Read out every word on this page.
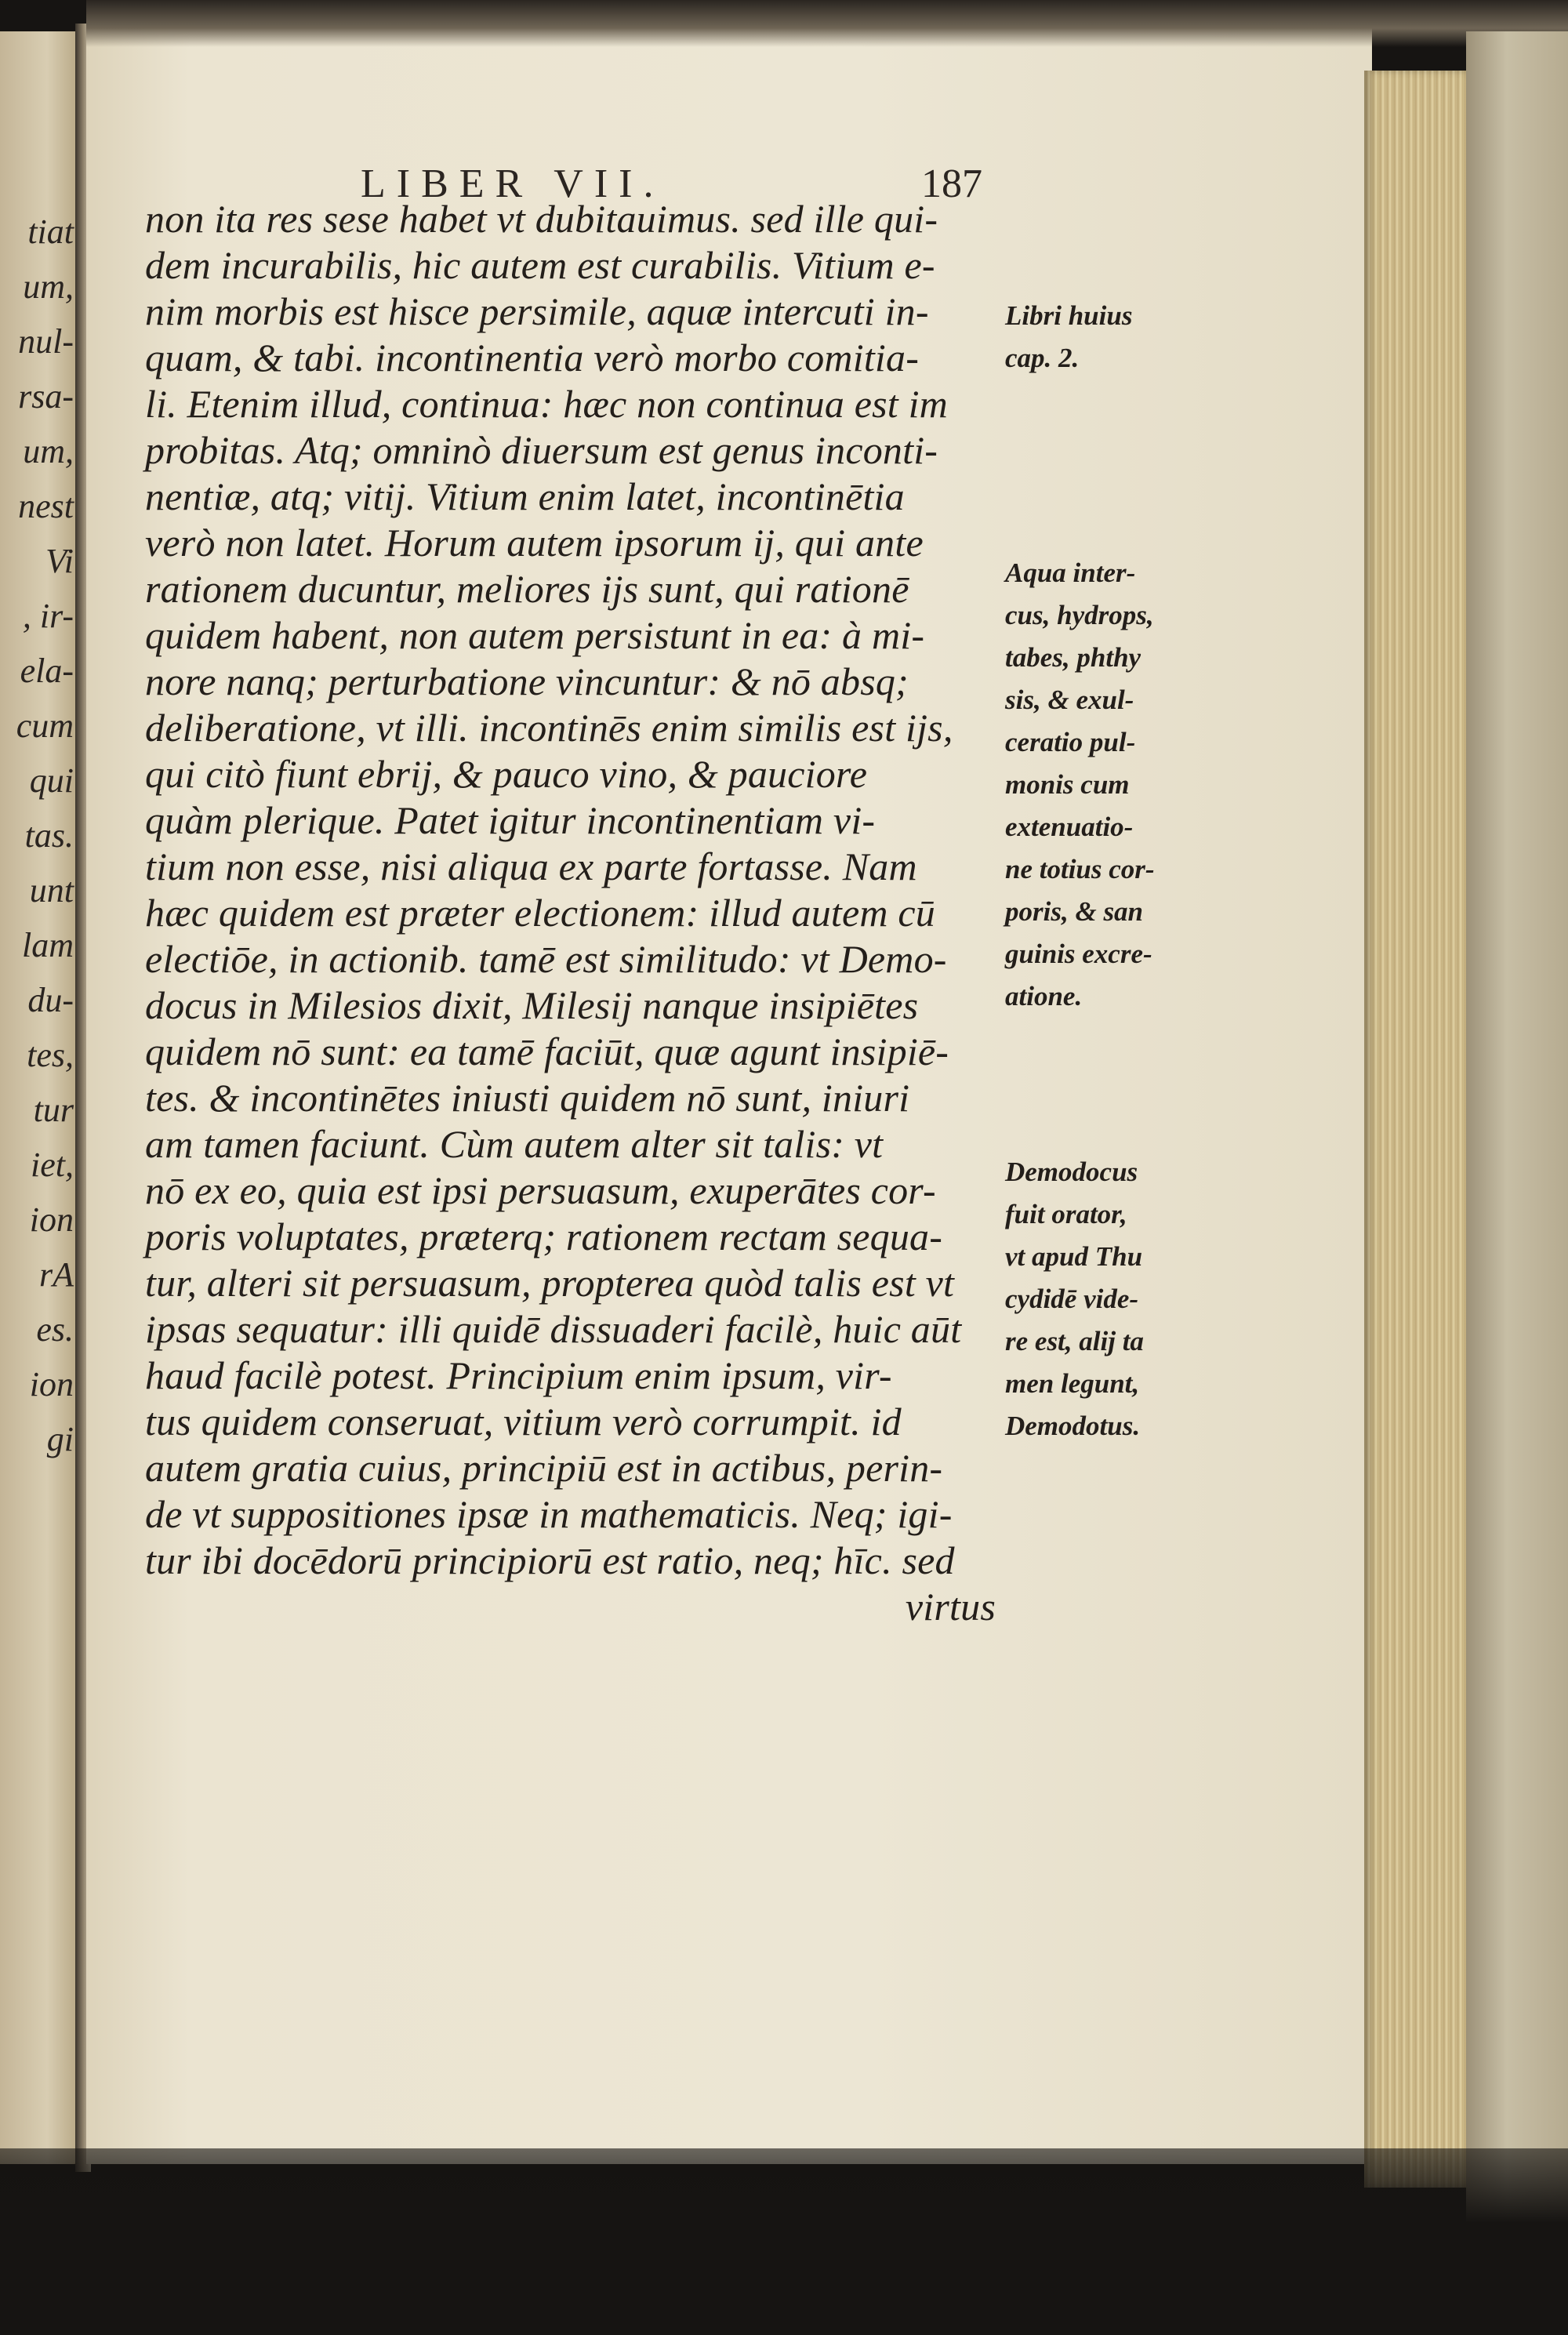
tiat
um,
nul-
rsa-
um,
nest
Vi
, ir-
ela-
cum
qui
tas.
unt
lam
du-
tes,
tur
iet,
ion
rA
es.
ion
gi
LIBER VII.	187
non ita res sese habet vt dubitauimus. sed ille qui-
dem incurabilis, hic autem est curabilis. Vitium e-
nim morbis est hisce persimile, aquæ intercuti in-
quam, & tabi. incontinentia verò morbo comitia-
li. Etenim illud, continua: hæc non continua est im
probitas. Atq; omninò diuersum est genus inconti-
nentiæ, atq; vitij. Vitium enim latet, incontinētia
verò non latet. Horum autem ipsorum ij, qui ante
rationem ducuntur, meliores ijs sunt, qui rationē
quidem habent, non autem persistunt in ea: à mi-
nore nanq; perturbatione vincuntur: & nō absq;
deliberatione, vt illi. incontinēs enim similis est ijs,
qui citò fiunt ebrij, & pauco vino, & pauciore
quàm plerique. Patet igitur incontinentiam vi-
tium non esse, nisi aliqua ex parte fortasse. Nam
hæc quidem est præter electionem: illud autem cū
electiōe, in actionib. tamē est similitudo: vt Demo-
docus in Milesios dixit, Milesij nanque insipiētes
quidem nō sunt: ea tamē faciūt, quæ agunt insipiē-
tes. & incontinētes iniusti quidem nō sunt, iniuri
am tamen faciunt. Cùm autem alter sit talis: vt
nō ex eo, quia est ipsi persuasum, exuperātes cor-
poris voluptates, præterq; rationem rectam sequa-
tur, alteri sit persuasum, propterea quòd talis est vt
ipsas sequatur: illi quidē dissuaderi facilè, huic aūt
haud facilè potest. Principium enim ipsum, vir-
tus quidem conseruat, vitium verò corrumpit. id
autem gratia cuius, principiū est in actibus, perin-
de vt suppositiones ipsæ in mathematicis. Neq; igi-
tur ibi docēdorū principiorū est ratio, neq; hīc. sed
virtus
Libri huius
cap. 2.
Aqua inter-
cus, hydrops,
tabes, phthy
sis, & exul-
ceratio pul-
monis cum
extenuatio-
ne totius cor-
poris, & san
guinis excre-
atione.
Demodocus
fuit orator,
vt apud Thu
cydidē vide-
re est, alij ta
men legunt,
Demodotus.
